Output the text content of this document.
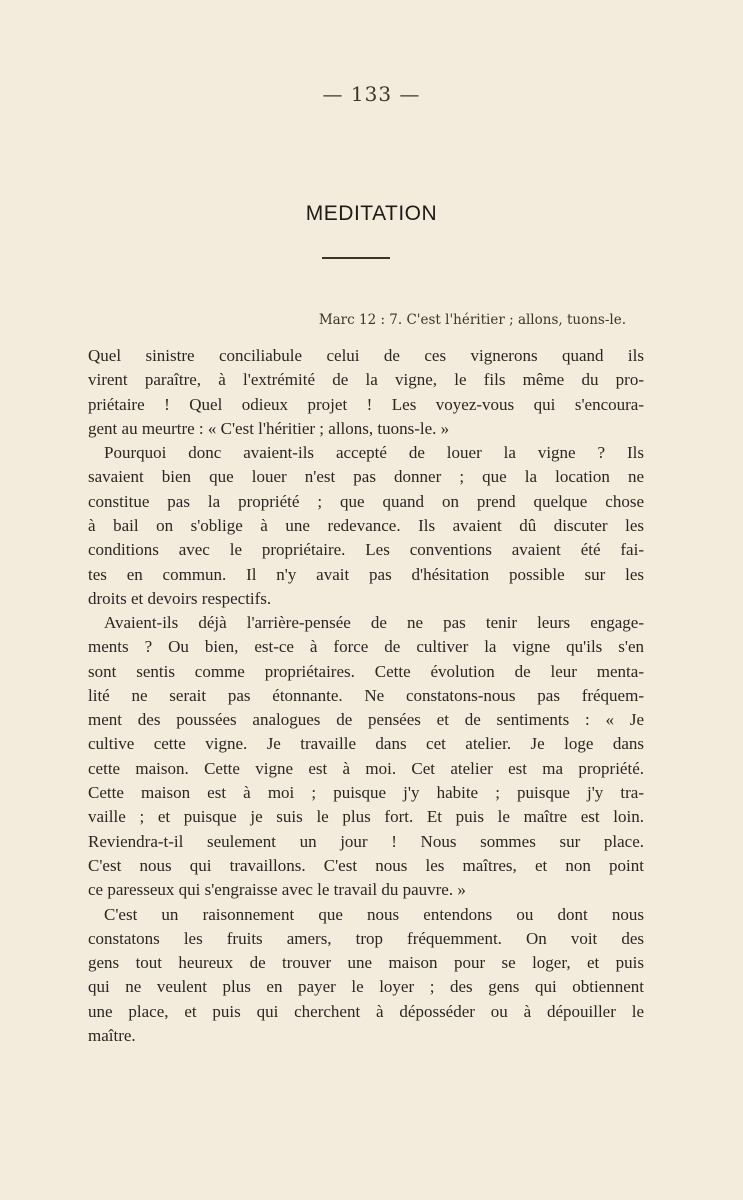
— 133 —
MEDITATION
Marc 12 : 7. C'est l'héritier ; allons, tuons-le.
Quel sinistre conciliabule celui de ces vignerons quand ils
virent paraître, à l'extrémité de la vigne, le fils même du pro-
priétaire ! Quel odieux projet ! Les voyez-vous qui s'encoura-
gent au meurtre : « C'est l'héritier ; allons, tuons-le. »
Pourquoi donc avaient-ils accepté de louer la vigne ? Ils
savaient bien que louer n'est pas donner ; que la location ne
constitue pas la propriété ; que quand on prend quelque chose
à bail on s'oblige à une redevance. Ils avaient dû discuter les
conditions avec le propriétaire. Les conventions avaient été fai-
tes en commun. Il n'y avait pas d'hésitation possible sur les
droits et devoirs respectifs.
Avaient-ils déjà l'arrière-pensée de ne pas tenir leurs engage-
ments ? Ou bien, est-ce à force de cultiver la vigne qu'ils s'en
sont sentis comme propriétaires. Cette évolution de leur menta-
lité ne serait pas étonnante. Ne constatons-nous pas fréquem-
ment des poussées analogues de pensées et de sentiments : « Je
cultive cette vigne. Je travaille dans cet atelier. Je loge dans
cette maison. Cette vigne est à moi. Cet atelier est ma propriété.
Cette maison est à moi ; puisque j'y habite ; puisque j'y tra-
vaille ; et puisque je suis le plus fort. Et puis le maître est loin.
Reviendra-t-il seulement un jour ! Nous sommes sur place.
C'est nous qui travaillons. C'est nous les maîtres, et non point
ce paresseux qui s'engraisse avec le travail du pauvre. »
C'est un raisonnement que nous entendons ou dont nous
constatons les fruits amers, trop fréquemment. On voit des
gens tout heureux de trouver une maison pour se loger, et puis
qui ne veulent plus en payer le loyer ; des gens qui obtiennent
une place, et puis qui cherchent à déposséder ou à dépouiller le
maître.
